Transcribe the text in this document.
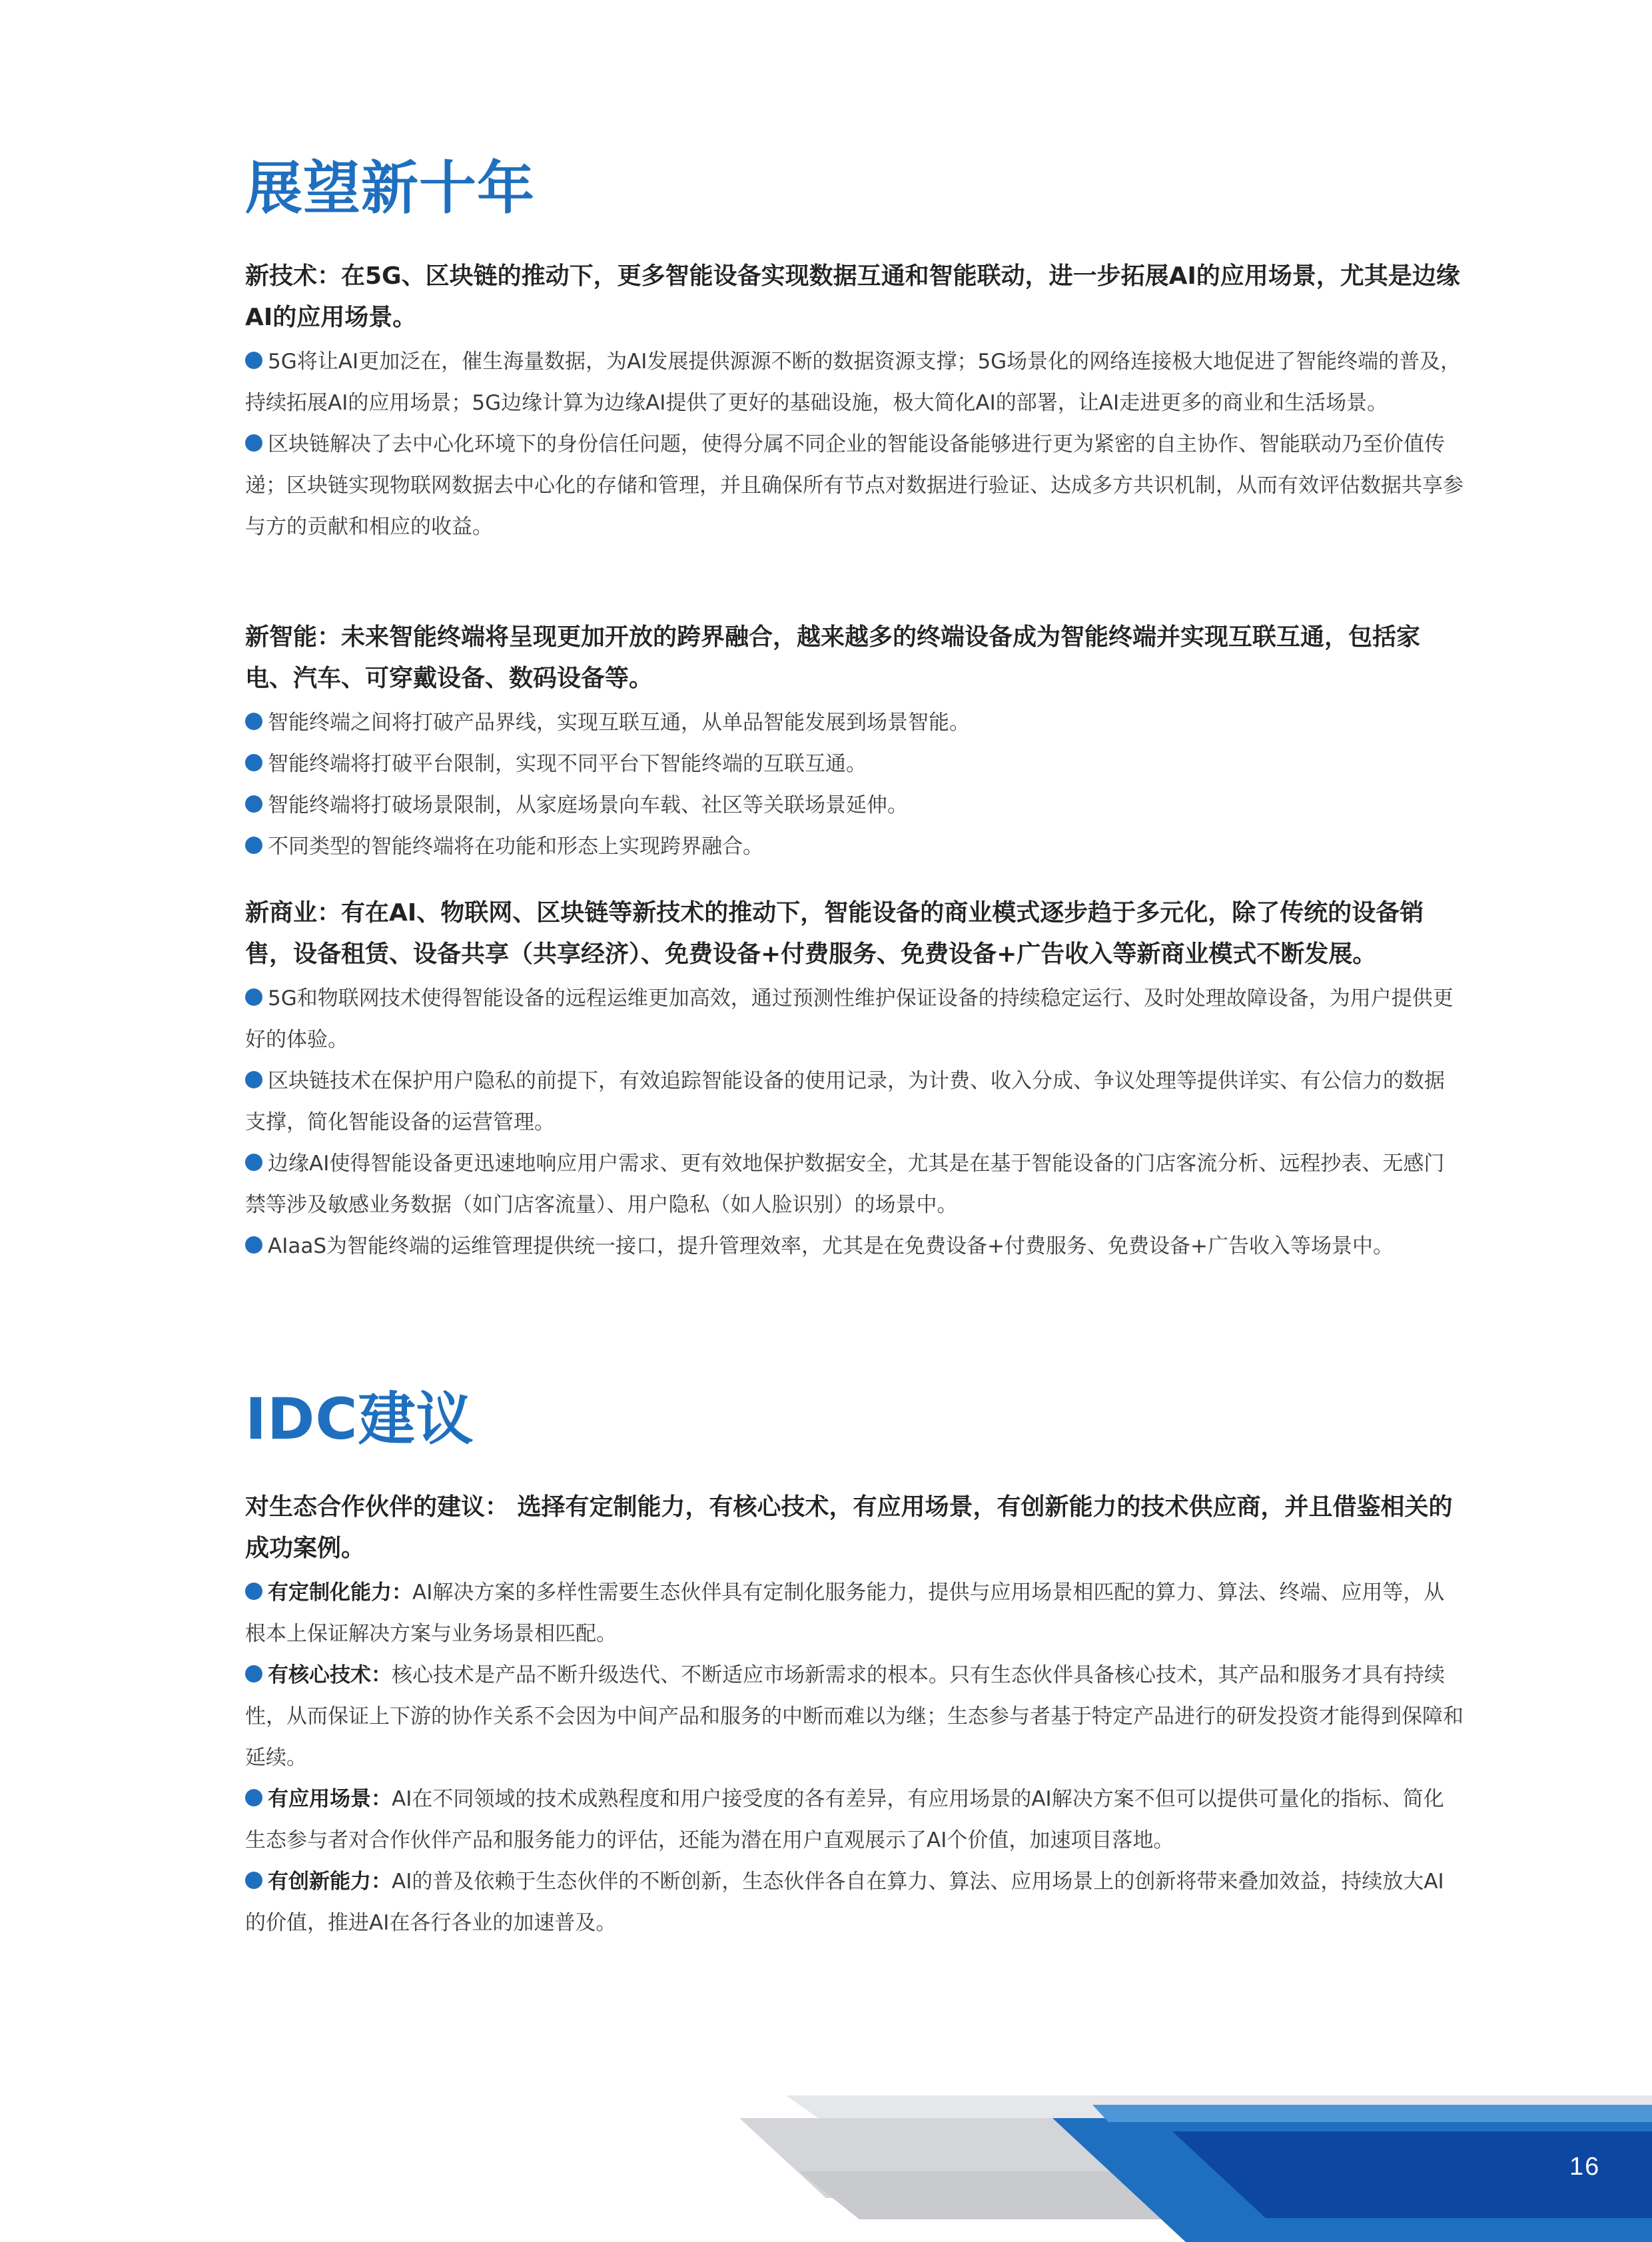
展望新十年

新技术：在5G、区块链的推动下，更多智能设备实现数据互通和智能联动，进一步拓展AI的应用场景，尤其是边缘AI的应用场景。

5G将让AI更加泛在，催生海量数据，为AI发展提供源源不断的数据资源支撑；5G场景化的网络连接极大地促进了智能终端的普及，持续拓展AI的应用场景；5G边缘计算为边缘AI提供了更好的基础设施，极大简化AI的部署，让AI走进更多的商业和生活场景。
区块链解决了去中心化环境下的身份信任问题，使得分属不同企业的智能设备能够进行更为紧密的自主协作、智能联动乃至价值传递；区块链实现物联网数据去中心化的存储和管理，并且确保所有节点对数据进行验证、达成多方共识机制，从而有效评估数据共享参与方的贡献和相应的收益。

新智能：未来智能终端将呈现更加开放的跨界融合，越来越多的终端设备成为智能终端并实现互联互通，包括家电、汽车、可穿戴设备、数码设备等。

智能终端之间将打破产品界线，实现互联互通，从单品智能发展到场景智能。
智能终端将打破平台限制，实现不同平台下智能终端的互联互通。
智能终端将打破场景限制，从家庭场景向车载、社区等关联场景延伸。
不同类型的智能终端将在功能和形态上实现跨界融合。

新商业：有在AI、物联网、区块链等新技术的推动下，智能设备的商业模式逐步趋于多元化，除了传统的设备销售，设备租赁、设备共享（共享经济）、免费设备+付费服务、免费设备+广告收入等新商业模式不断发展。

5G和物联网技术使得智能设备的远程运维更加高效，通过预测性维护保证设备的持续稳定运行、及时处理故障设备，为用户提供更好的体验。
区块链技术在保护用户隐私的前提下，有效追踪智能设备的使用记录，为计费、收入分成、争议处理等提供详实、有公信力的数据支撑，简化智能设备的运营管理。
边缘AI使得智能设备更迅速地响应用户需求、更有效地保护数据安全，尤其是在基于智能设备的门店客流分析、远程抄表、无感门禁等涉及敏感业务数据（如门店客流量）、用户隐私（如人脸识别）的场景中。
AIaaS为智能终端的运维管理提供统一接口，提升管理效率，尤其是在免费设备+付费服务、免费设备+广告收入等场景中。
IDC建议

对生态合作伙伴的建议： 选择有定制能力，有核心技术，有应用场景，有创新能力的技术供应商，并且借鉴相关的成功案例。

有定制化能力：AI解决方案的多样性需要生态伙伴具有定制化服务能力，提供与应用场景相匹配的算力、算法、终端、应用等，从根本上保证解决方案与业务场景相匹配。
有核心技术：核心技术是产品不断升级迭代、不断适应市场新需求的根本。只有生态伙伴具备核心技术，其产品和服务才具有持续性，从而保证上下游的协作关系不会因为中间产品和服务的中断而难以为继；生态参与者基于特定产品进行的研发投资才能得到保障和延续。
有应用场景：AI在不同领域的技术成熟程度和用户接受度的各有差异，有应用场景的AI解决方案不但可以提供可量化的指标、简化生态参与者对合作伙伴产品和服务能力的评估，还能为潜在用户直观展示了AI个价值，加速项目落地。
有创新能力：AI的普及依赖于生态伙伴的不断创新，生态伙伴各自在算力、算法、应用场景上的创新将带来叠加效益，持续放大AI的价值，推进AI在各行各业的加速普及。
16
